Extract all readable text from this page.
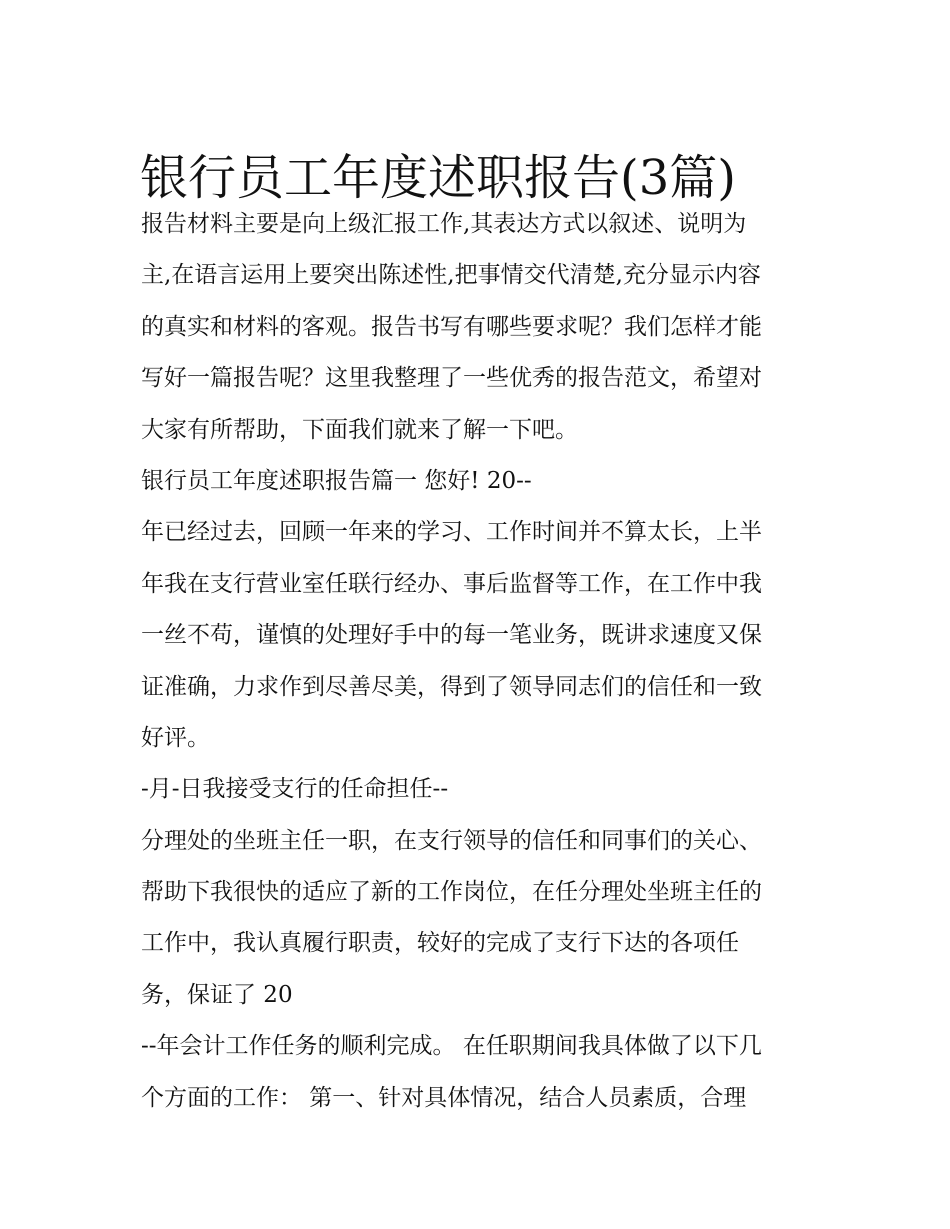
银行员工年度述职报告(3篇)
报告材料主要是向上级汇报工作,其表达方式以叙述、说明为
主,在语言运用上要突出陈述性,把事情交代清楚,充分显示内容
的真实和材料的客观。报告书写有哪些要求呢？我们怎样才能
写好一篇报告呢？这里我整理了一些优秀的报告范文，希望对
大家有所帮助，下面我们就来了解一下吧。
银行员工年度述职报告篇一 您好! 20--
年已经过去，回顾一年来的学习、工作时间并不算太长，上半
年我在支行营业室任联行经办、事后监督等工作，在工作中我
一丝不苟，谨慎的处理好手中的每一笔业务，既讲求速度又保
证准确，力求作到尽善尽美，得到了领导同志们的信任和一致
好评。
-月-日我接受支行的任命担任--
分理处的坐班主任一职，在支行领导的信任和同事们的关心、
帮助下我很快的适应了新的工作岗位，在任分理处坐班主任的
工作中，我认真履行职责，较好的完成了支行下达的各项任
务，保证了 20
--年会计工作任务的顺利完成。 在任职期间我具体做了以下几
个方面的工作： 第一、针对具体情况，结合人员素质，合理
